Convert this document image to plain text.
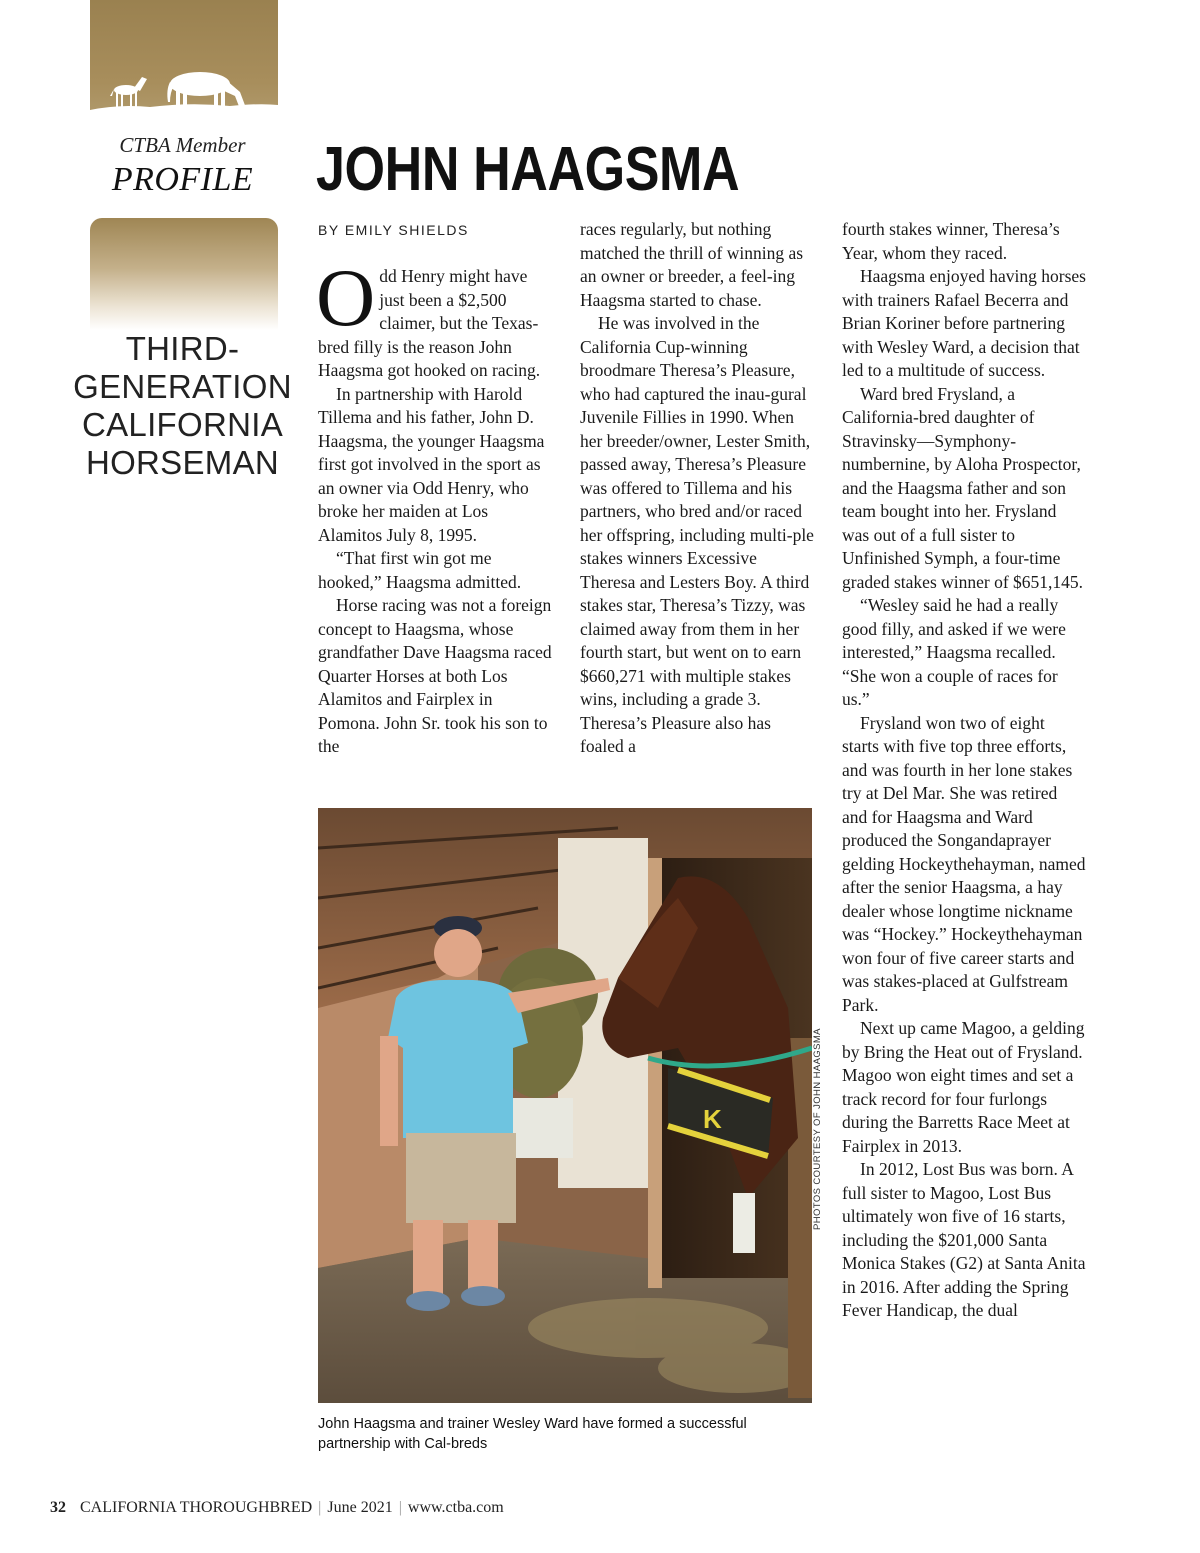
CTBA Member
PROFILE
THIRD-
GENERATION
CALIFORNIA
HORSEMAN
JOHN HAAGSMA
BY EMILY SHIELDS

Odd Henry might have just been a $2,500 claimer, but the Texas-bred filly is the reason John Haagsma got hooked on racing.

In partnership with Harold Tillema and his father, John D. Haagsma, the younger Haagsma first got involved in the sport as an owner via Odd Henry, who broke her maiden at Los Alamitos July 8, 1995.

“That first win got me hooked,” Haagsma admitted.

Horse racing was not a foreign concept to Haagsma, whose grandfather Dave Haagsma raced Quarter Horses at both Los Alamitos and Fairplex in Pomona. John Sr. took his son to the

races regularly, but nothing matched the thrill of winning as an owner or breeder, a feel-ing Haagsma started to chase.

He was involved in the California Cup-winning broodmare Theresa’s Pleasure, who had captured the inau-gural Juvenile Fillies in 1990. When her breeder/owner, Lester Smith, passed away, Theresa’s Pleasure was offered to Tillema and his partners, who bred and/or raced her offspring, including multi-ple stakes winners Excessive Theresa and Lesters Boy. A third stakes star, Theresa’s Tizzy, was claimed away from them in her fourth start, but went on to earn $660,271 with multiple stakes wins, including a grade 3. Theresa’s Pleasure also has foaled a

fourth stakes winner, Theresa’s Year, whom they raced.

Haagsma enjoyed having horses with trainers Rafael Becerra and Brian Koriner before partnering with Wesley Ward, a decision that led to a multitude of success.

Ward bred Frysland, a California-bred daughter of Stravinsky—Symphony-numbernine, by Aloha Prospector, and the Haagsma father and son team bought into her. Frysland was out of a full sister to Unfinished Symph, a four-time graded stakes winner of $651,145.

“Wesley said he had a really good filly, and asked if we were interested,” Haagsma recalled. “She won a couple of races for us.”

Frysland won two of eight starts with five top three efforts, and was fourth in her lone stakes try at Del Mar. She was retired and for Haagsma and Ward produced the Songandaprayer gelding Hockeythehayman, named after the senior Haagsma, a hay dealer whose longtime nickname was “Hockey.” Hockeythehayman won four of five career starts and was stakes-placed at Gulfstream Park.

Next up came Magoo, a gelding by Bring the Heat out of Frysland. Magoo won eight times and set a track record for four furlongs during the Barretts Race Meet at Fairplex in 2013.

In 2012, Lost Bus was born. A full sister to Magoo, Lost Bus ultimately won five of 16 starts, including the $201,000 Santa Monica Stakes (G2) at Santa Anita in 2016. After adding the Spring Fever Handicap, the dual

K	PHOTOS COURTESY OF JOHN HAAGSMA
John Haagsma and trainer Wesley Ward have formed a successful partnership with Cal-breds
32 CALIFORNIA THOROUGHBRED | June 2021 | www.ctba.com
